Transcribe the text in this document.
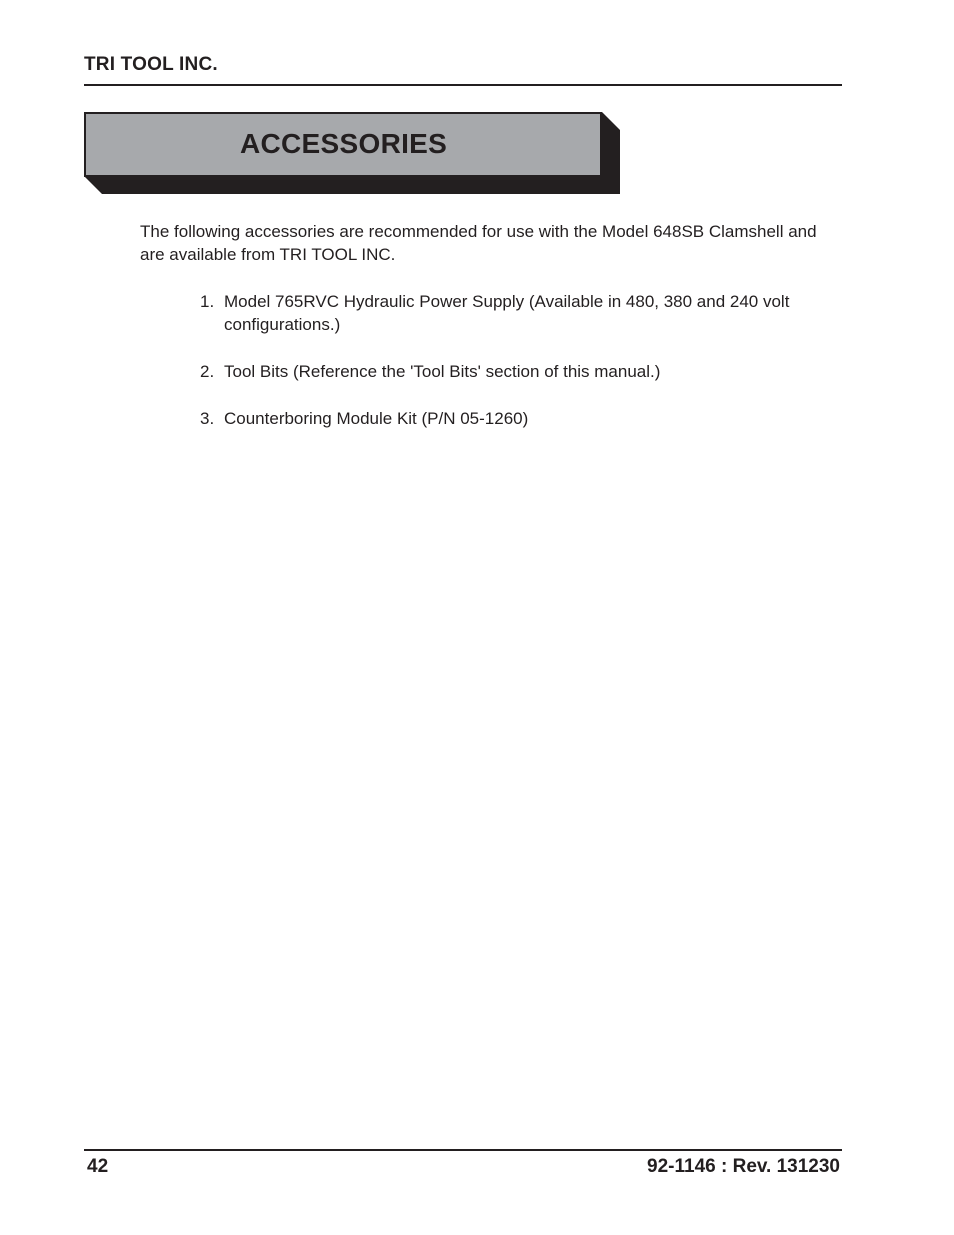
TRI TOOL INC.
ACCESSORIES

The following accessories are recommended for use with the Model 648SB Clamshell and are available from TRI TOOL INC.

1. Model 765RVC Hydraulic Power Supply (Available in 480, 380 and 240 volt configurations.)
2. Tool Bits (Reference the 'Tool Bits' section of this manual.)
3. Counterboring Module Kit (P/N 05-1260)
42	92-1146 : Rev. 131230
